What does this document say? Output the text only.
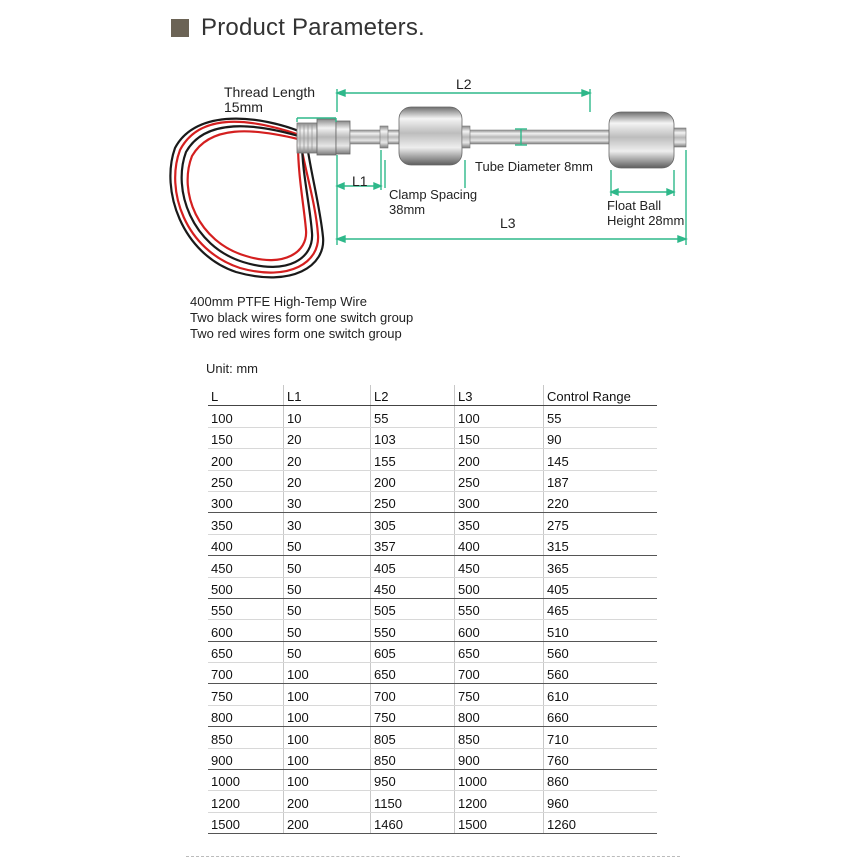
Product Parameters.
Thread Length
15mm
L2
L1
L3
Tube Diameter 8mm
Clamp Spacing
38mm	Float Ball
Height 28mm
400mm PTFE High-Temp Wire
Two black wires form one switch group
Two red wires form one switch group
Unit: mm
L	L1	L2	L3	Control Range
100	10	55	100	55
150	20	103	150	90
200	20	155	200	145
250	20	200	250	187
300	30	250	300	220
350	30	305	350	275
400	50	357	400	315
450	50	405	450	365
500	50	450	500	405
550	50	505	550	465
600	50	550	600	510
650	50	605	650	560
700	100	650	700	560
750	100	700	750	610
800	100	750	800	660
850	100	805	850	710
900	100	850	900	760
1000	100	950	1000	860
1200	200	1150	1200	960
1500	200	1460	1500	1260
